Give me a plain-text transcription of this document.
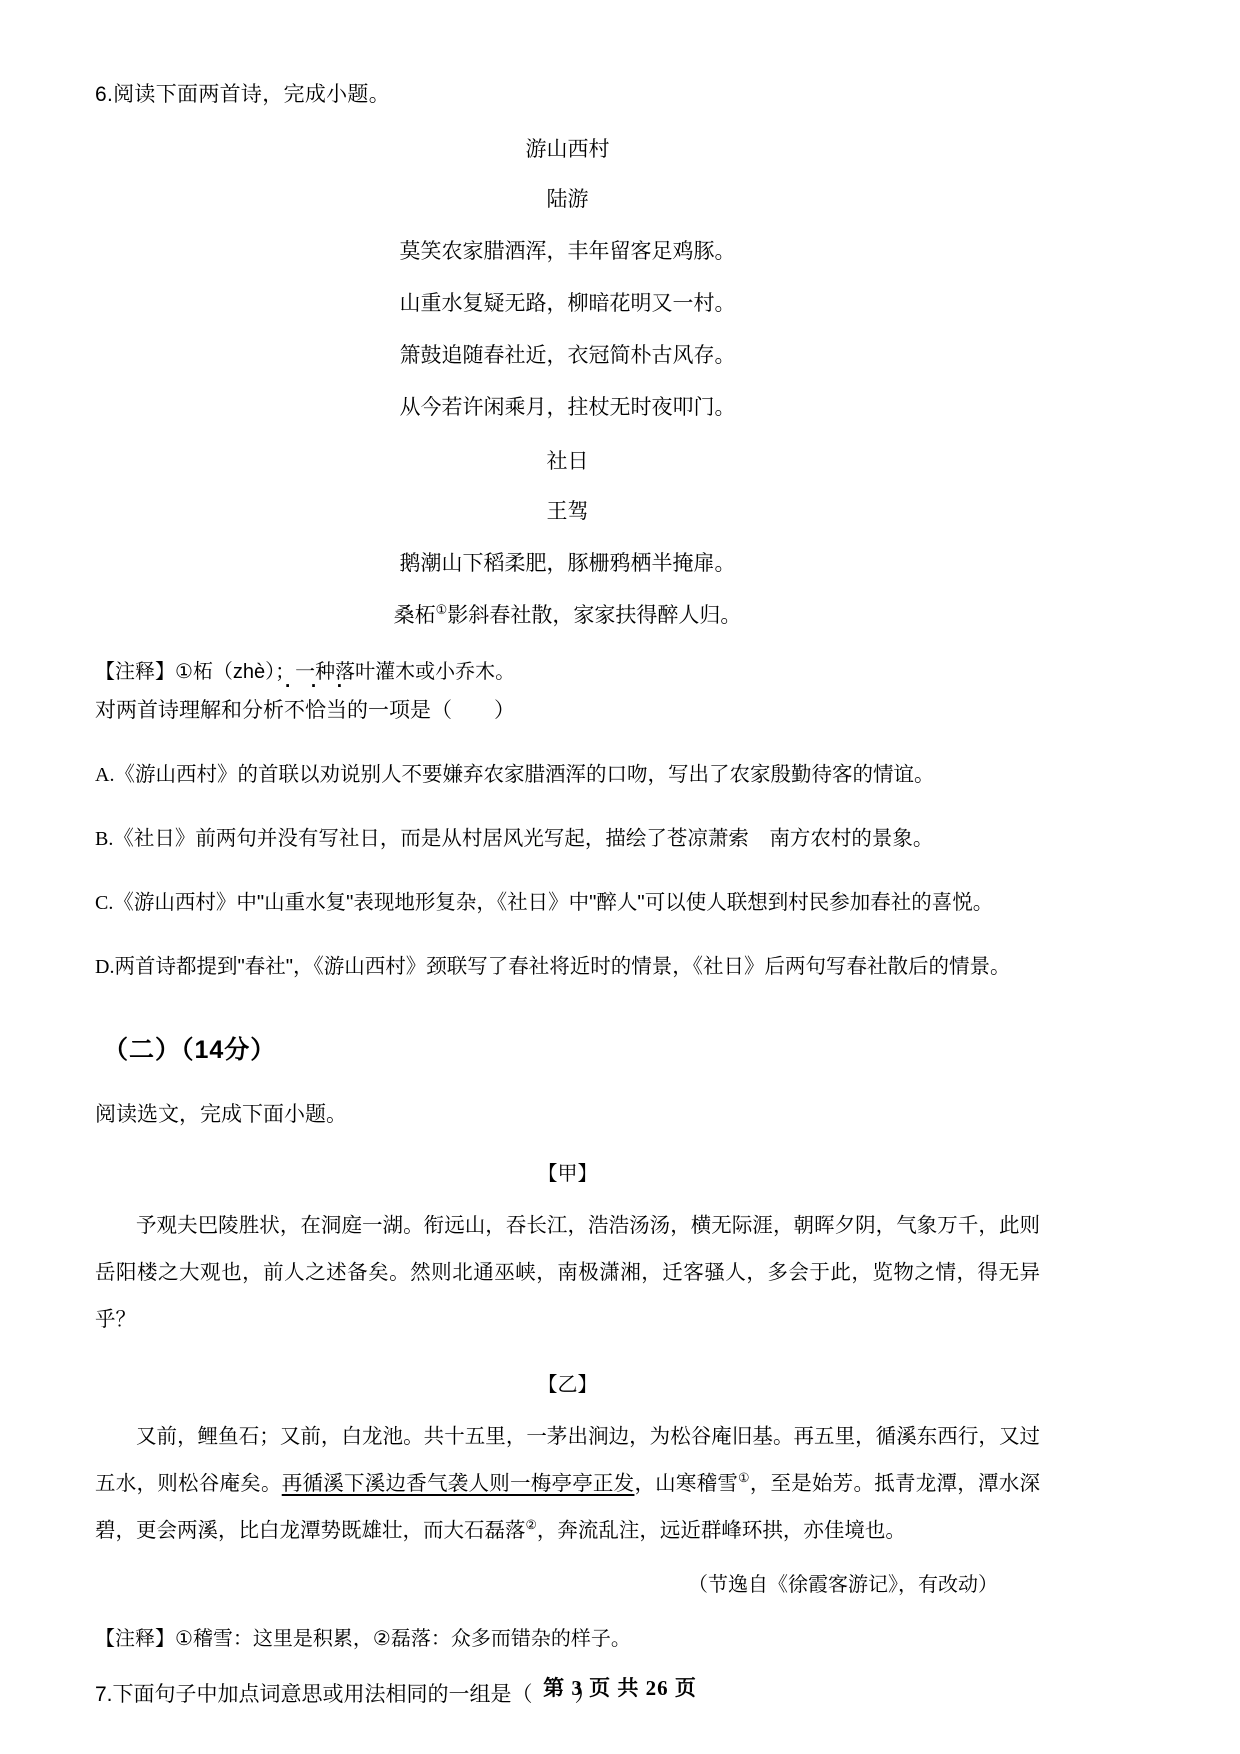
6.阅读下面两首诗，完成小题。

游山西村

陆游

莫笑农家腊酒浑，丰年留客足鸡豚。

山重水复疑无路，柳暗花明又一村。

箫鼓追随春社近，衣冠简朴古风存。

从今若许闲乘月，拄杖无时夜叩门。

社日

王驾

鹅潮山下稻柔肥，豚栅鸦栖半掩扉。

桑柘①影斜春社散，家家扶得醉人归。

【注释】①柘（zhè）；一种落叶灌木或小乔木。

对两首诗理解和分析·  ·  · 不恰当的一项是（　　）

A.《游山西村》的首联以劝说别人不要嫌弃农家腊酒浑的口吻，写出了农家殷勤待客的情谊。

B.《社日》前两句并没有写社日，而是从村居风光写起，描绘了苍凉萧索　南方农村的景象。

C.《游山西村》中"山重水复"表现地形复杂，《社日》中"醉人"可以使人联想到村民参加春社的喜悦。

D.两首诗都提到"春社"，《游山西村》颈联写了春社将近时的情景，《社日》后两句写春社散后的情景。

（二）（14分）

阅读选文，完成下面小题。

【甲】

予观夫巴陵胜状，在洞庭一湖。衔远山，吞长江，浩浩汤汤，横无际涯，朝晖夕阴，气象万千，此则岳阳楼之大观也，前人之述备矣。然则北通巫峡，南极潇湘，迁客骚人，多会于此，览物之情，得无异乎？

【乙】

又前，鲤鱼石；又前，白龙池。共十五里，一茅出涧边，为松谷庵旧基。再五里，循溪东西行，又过五水，则松谷庵矣。再循溪下溪边香气袭人则一梅亭亭正发，山寒稽雪①，至是始芳。抵青龙潭，潭水深碧，更会两溪，比白龙潭势既雄壮，而大石磊落②，奔流乱注，远近群峰环拱，亦佳境也。

（节逸自《徐霞客游记》，有改动）

【注释】①稽雪：这里是积累，②磊落：众多而错杂的样子。

7.下面句子中加点词意思或用法相同的一组是（　　）

第 3 页 共 26 页
